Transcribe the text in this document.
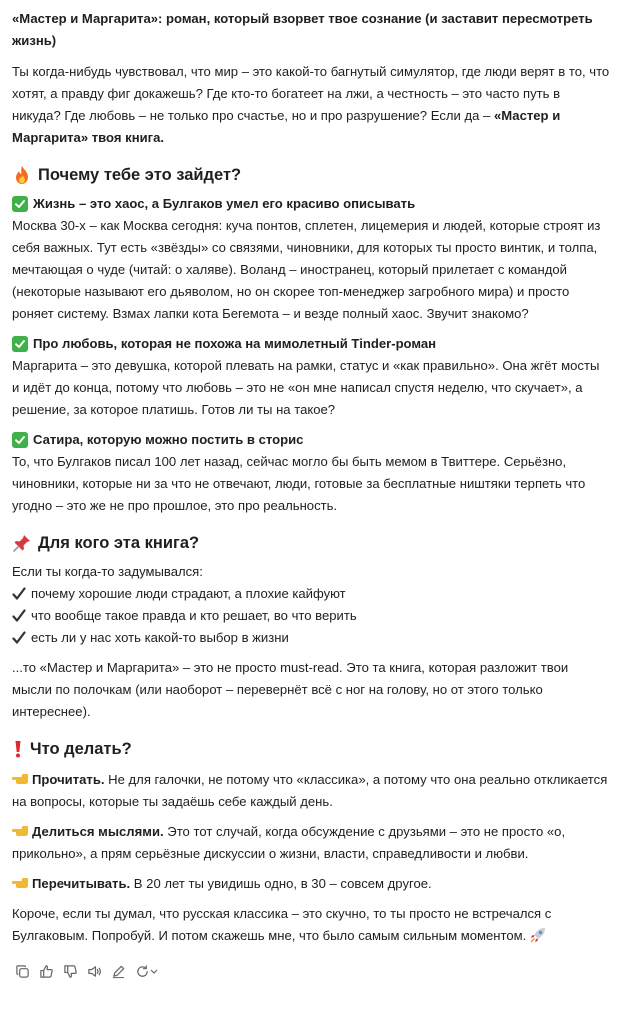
«Мастер и Маргарита»: роман, который взорвет твое сознание (и заставит пересмотреть жизнь)

Ты когда-нибудь чувствовал, что мир – это какой-то багнутый симулятор, где люди верят в то, что хотят, а правду фиг докажешь? Где кто-то богатеет на лжи, а честность – это часто путь в никуда? Где любовь – не только про счастье, но и про разрушение? Если да – «Мастер и Маргарита» твоя книга.

Почему тебе это зайдет?
Жизнь – это хаос, а Булгаков умел его красиво описывать

Москва 30-х – как Москва сегодня: куча понтов, сплетен, лицемерия и людей, которые строят из себя важных. Тут есть «звёзды» со связями, чиновники, для которых ты просто винтик, и толпа, мечтающая о чуде (читай: о халяве). Воланд – иностранец, который прилетает с командой (некоторые называют его дьяволом, но он скорее топ-менеджер загробного мира) и просто роняет систему. Взмах лапки кота Бегемота – и везде полный хаос. Звучит знакомо?

Про любовь, которая не похожа на мимолетный Tinder-роман

Маргарита – это девушка, которой плевать на рамки, статус и «как правильно». Она жгёт мосты и идёт до конца, потому что любовь – это не «он мне написал спустя неделю, что скучает», а решение, за которое платишь. Готов ли ты на такое?

Сатира, которую можно постить в сторис

То, что Булгаков писал 100 лет назад, сейчас могло бы быть мемом в Твиттере. Серьёзно, чиновники, которые ни за что не отвечают, люди, готовые за бесплатные ништяки терпеть что угодно – это же не про прошлое, это про реальность.

Для кого эта книга?

Если ты когда-то задумывался:

почему хорошие люди страдают, а плохие кайфуют
что вообще такое правда и кто решает, во что верить
есть ли у нас хоть какой-то выбор в жизни

...то «Мастер и Маргарита» – это не просто must-read. Это та книга, которая разложит твои мысли по полочкам (или наоборот – перевернёт всё с ног на голову, но от этого только интереснее).

Что делать?

Прочитать. Не для галочки, не потому что «классика», а потому что она реально откликается на вопросы, которые ты задаёшь себе каждый день.

Делиться мыслями. Это тот случай, когда обсуждение с друзьями – это не просто «о, прикольно», а прям серьёзные дискуссии о жизни, власти, справедливости и любви.

Перечитывать. В 20 лет ты увидишь одно, в 30 – совсем другое.

Короче, если ты думал, что русская классика – это скучно, то ты просто не встречался с Булгаковым. Попробуй. И потом скажешь мне, что было самым сильным моментом.
